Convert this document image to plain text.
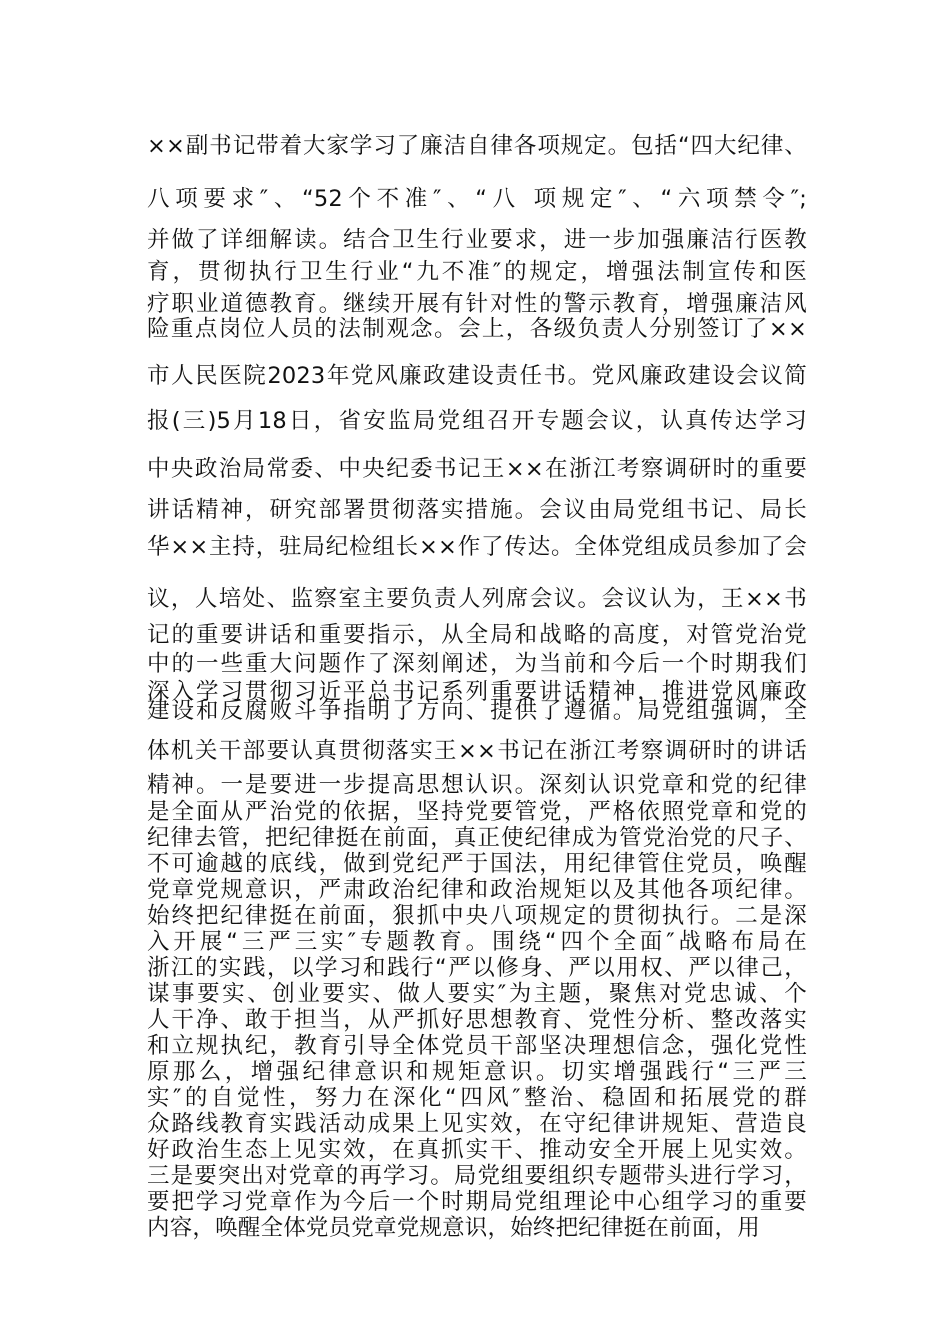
××副书记带着大家学习了廉洁自律各项规定。包括“四大纪律、
八项要求″、“52个不准″、“八 项规定″、“六项禁令″;
并做了详细解读。结合卫生行业要求，进一步加强廉洁行医教
育，贯彻执行卫生行业“九不准″的规定，增强法制宣传和医
疗职业道德教育。继续开展有针对性的警示教育，增强廉洁风
险重点岗位人员的法制观念。会上，各级负责人分别签订了××
市人民医院2023年党风廉政建设责任书。党风廉政建设会议简
报(三)5月18日，省安监局党组召开专题会议，认真传达学习
中央政治局常委、中央纪委书记王××在浙江考察调研时的重要
讲话精神，研究部署贯彻落实措施。会议由局党组书记、局长
华××主持，驻局纪检组长××作了传达。全体党组成员参加了会
议，人培处、监察室主要负责人列席会议。会议认为，王××书
记的重要讲话和重要指示，从全局和战略的高度，对管党治党
中的一些重大问题作了深刻阐述，为当前和今后一个时期我们
深入学习贯彻习近平总书记系列重要讲话精神，推进党风廉政
建设和反腐败斗争指明了方向、提供了遵循。局党组强调，全
体机关干部要认真贯彻落实王××书记在浙江考察调研时的讲话
精神。一是要进一步提高思想认识。深刻认识党章和党的纪律
是全面从严治党的依据，坚持党要管党，严格依照党章和党的
纪律去管，把纪律挺在前面，真正使纪律成为管党治党的尺子、
不可逾越的底线，做到党纪严于国法，用纪律管住党员，唤醒
党章党规意识，严肃政治纪律和政治规矩以及其他各项纪律。
始终把纪律挺在前面，狠抓中央八项规定的贯彻执行。二是深
入开展“三严三实″专题教育。围绕“四个全面″战略布局在
浙江的实践，以学习和践行“严以修身、严以用权、严以律己，
谋事要实、创业要实、做人要实″为主题，聚焦对党忠诚、个
人干净、敢于担当，从严抓好思想教育、党性分析、整改落实
和立规执纪，教育引导全体党员干部坚决理想信念，强化党性
原那么，增强纪律意识和规矩意识。切实增强践行“三严三
实″的自觉性，努力在深化“四风″整治、稳固和拓展党的群
众路线教育实践活动成果上见实效，在守纪律讲规矩、营造良
好政治生态上见实效，在真抓实干、推动安全开展上见实效。
三是要突出对党章的再学习。局党组要组织专题带头进行学习，
要把学习党章作为今后一个时期局党组理论中心组学习的重要
内容，唤醒全体党员党章党规意识，始终把纪律挺在前面，用
